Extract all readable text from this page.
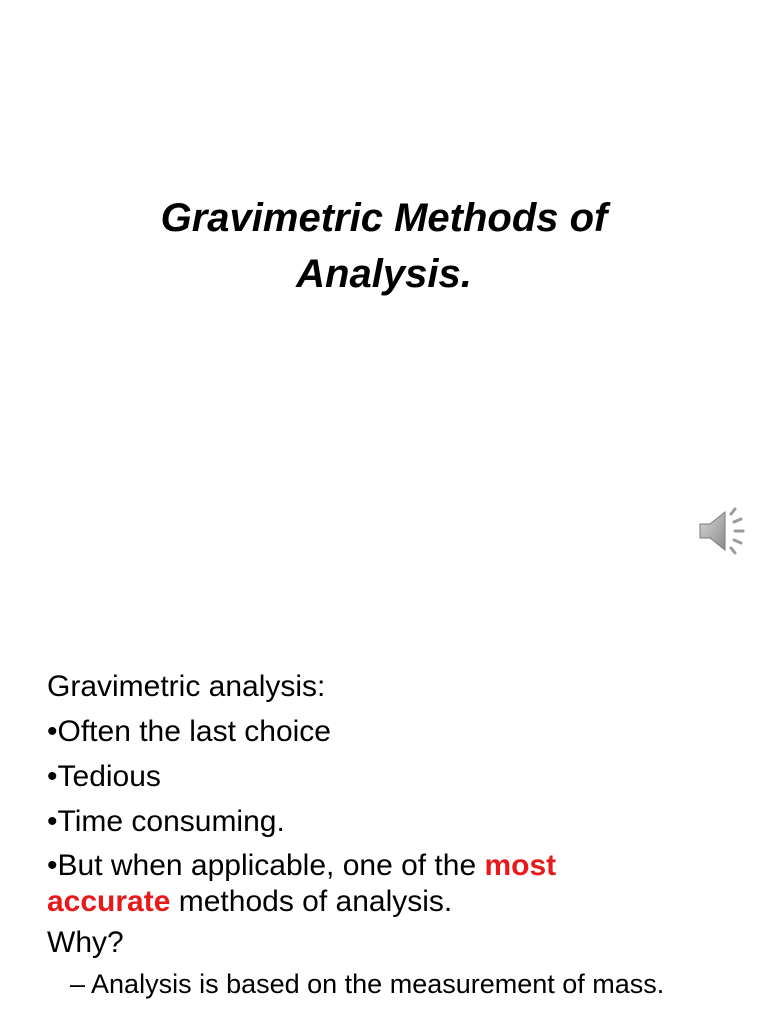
Gravimetric Methods of
Analysis.
Gravimetric analysis:
•Often the last choice
•Tedious
•Time consuming.
•But when applicable, one of the most
accurate methods of analysis.
Why?
– Analysis is based on the measurement of mass.
